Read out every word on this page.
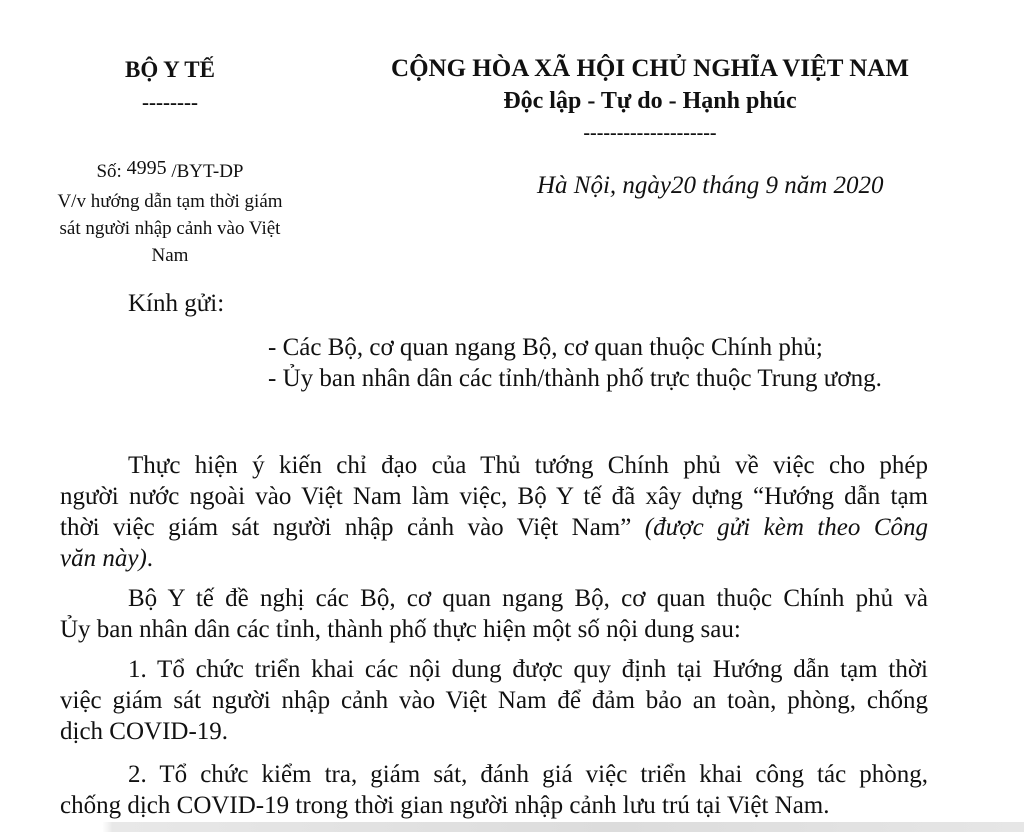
BỘ Y TẾ
--------
Số: 4995 /BYT-DP
V/v hướng dẫn tạm thời giám
sát người nhập cảnh vào Việt
Nam
CỘNG HÒA XÃ HỘI CHỦ NGHĨA VIỆT NAM
Độc lập - Tự do - Hạnh phúc
--------------------
Hà Nội, ngày20 tháng 9 năm 2020
Kính gửi:
- Các Bộ, cơ quan ngang Bộ, cơ quan thuộc Chính phủ;
- Ủy ban nhân dân các tỉnh/thành phố trực thuộc Trung ương.
Thực hiện ý kiến chỉ đạo của Thủ tướng Chính phủ về việc cho phép
người nước ngoài vào Việt Nam làm việc, Bộ Y tế đã xây dựng “Hướng dẫn tạm
thời việc giám sát người nhập cảnh vào Việt Nam” (được gửi kèm theo Công
văn này).
Bộ Y tế đề nghị các Bộ, cơ quan ngang Bộ, cơ quan thuộc Chính phủ và
Ủy ban nhân dân các tỉnh, thành phố thực hiện một số nội dung sau:
1. Tổ chức triển khai các nội dung được quy định tại Hướng dẫn tạm thời
việc giám sát người nhập cảnh vào Việt Nam để đảm bảo an toàn, phòng, chống
dịch COVID-19.
2. Tổ chức kiểm tra, giám sát, đánh giá việc triển khai công tác phòng,
chống dịch COVID-19 trong thời gian người nhập cảnh lưu trú tại Việt Nam.
